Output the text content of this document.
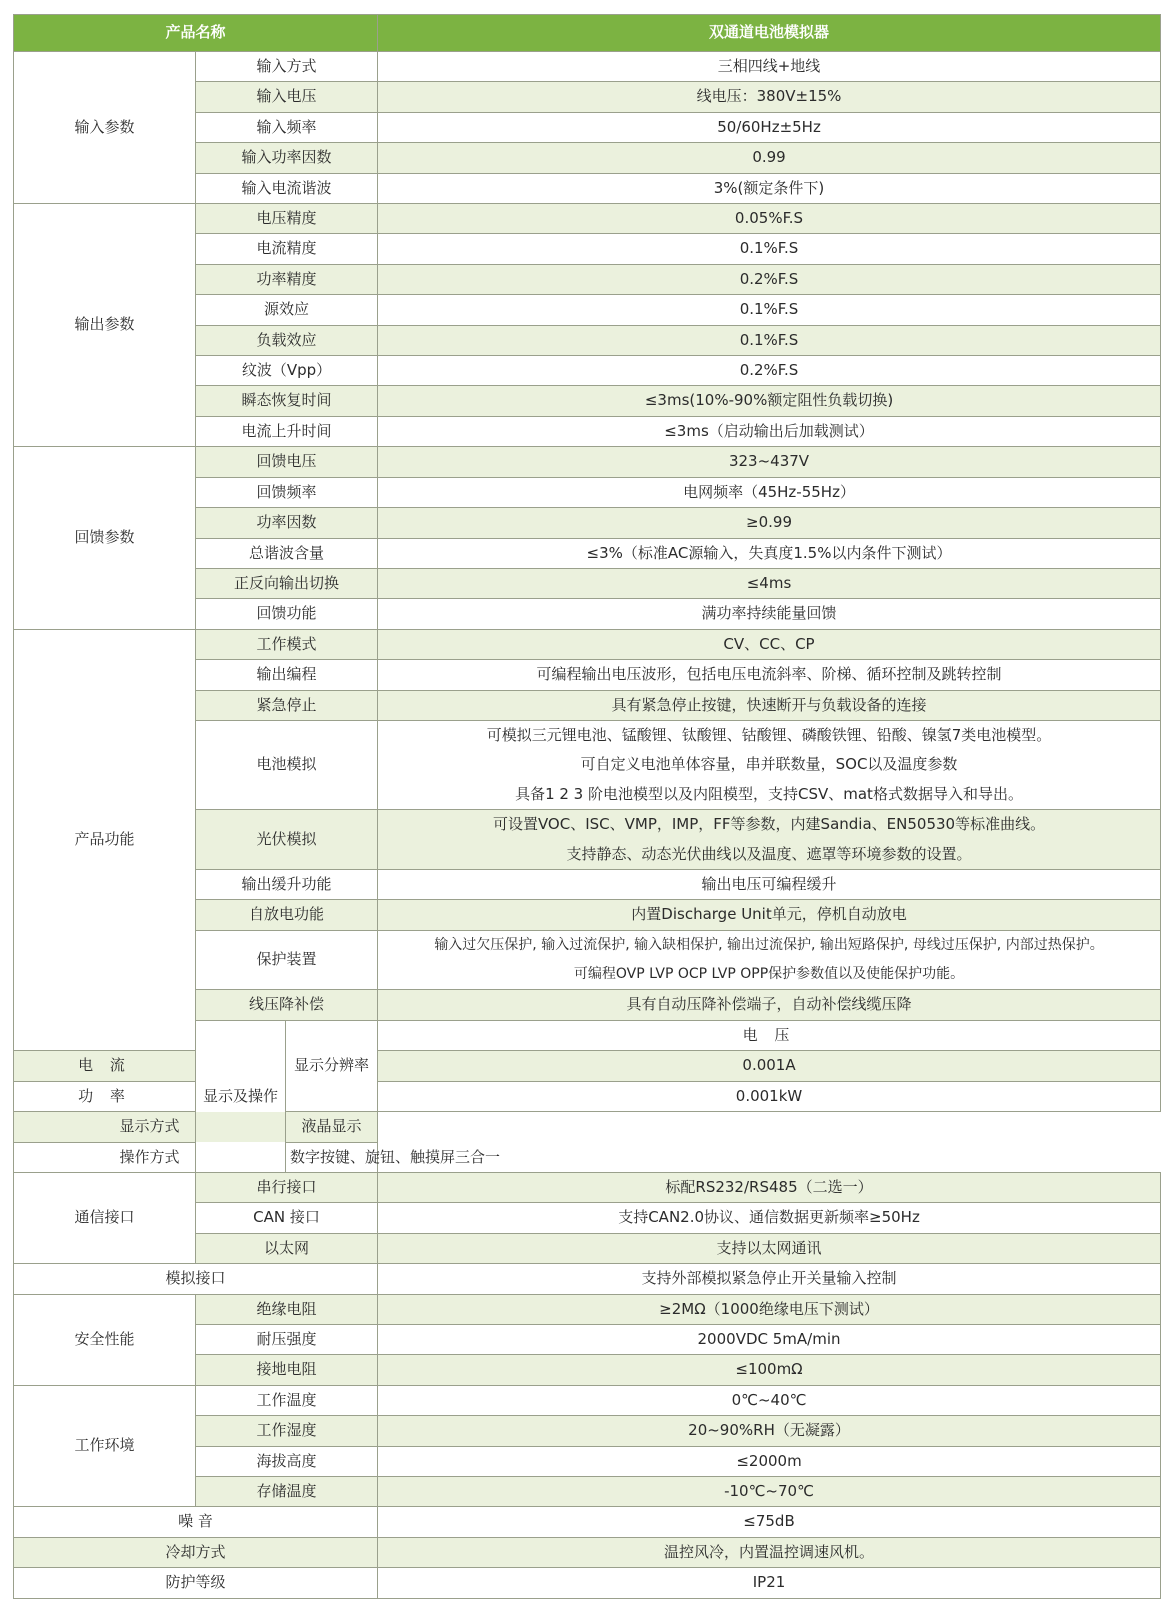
产品名称			双通道电池模拟器	
输入参数	输入方式		三相四线+地线	
	输入电压		线电压：380V±15%	
	输入频率		50/60Hz±5Hz	
	输入功率因数		0.99	
	输入电流谐波		3%(额定条件下)	
输出参数	电压精度		0.05%F.S	
	电流精度		0.1%F.S	
	功率精度		0.2%F.S	
	源效应		0.1%F.S	
	负载效应		0.1%F.S	
	纹波（Vpp）		0.2%F.S	
	瞬态恢复时间		≤3ms(10%-90%额定阻性负载切换)	
	电流上升时间		≤3ms（启动输出后加载测试）	
回馈参数	回馈电压		323~437V	
	回馈频率		电网频率（45Hz-55Hz）	
	功率因数		≥0.99	
	总谐波含量		≤3%（标准AC源输入，失真度1.5%以内条件下测试）	
	正反向输出切换		≤4ms	
	回馈功能		满功率持续能量回馈	
产品功能	工作模式		CV、CC、CP	
	输出编程		可编程输出电压波形，包括电压电流斜率、阶梯、循环控制及跳转控制	
	紧急停止		具有紧急停止按键，快速断开与负载设备的连接	
	电池模拟		可模拟三元锂电池、锰酸锂、钛酸锂、钴酸锂、磷酸铁锂、铅酸、镍氢7类电池模型。
可自定义电池单体容量，串并联数量，SOC以及温度参数
具备1 2 3 阶电池模型以及内阻模型，支持CSV、mat格式数据导入和导出。	

	光伏模拟		可设置VOC、ISC、VMP，IMP，FF等参数，内建Sandia、EN50530等标准曲线。
支持静态、动态光伏曲线以及温度、遮罩等环境参数的设置。	

	输出缓升功能		输出电压可编程缓升	
	自放电功能		内置Discharge Unit单元，停机自动放电	
	保护装置		输入过欠压保护, 输入过流保护, 输入缺相保护, 输出过流保护, 输出短路保护, 母线过压保护, 内部过热保护。
可编程OVP LVP OCP LVP OPP保护参数值以及使能保护功能。	

	线压降补偿		具有自动压降补偿端子，自动补偿线缆压降	
	显示及操作	显示分辨率	电 压	
电 流			0.001A	
功 率			0.001kW	
显示方式		液晶显示		
操作方式		数字按键、旋钮、触摸屏三合一		
通信接口	串行接口		标配RS232/RS485（二选一）	
	CAN 接口		支持CAN2.0协议、通信数据更新频率≥50Hz	
	以太网		支持以太网通讯	
模拟接口			支持外部模拟紧急停止开关量输入控制	
安全性能	绝缘电阻		≥2MΩ（1000绝缘电压下测试）	
	耐压强度		2000VDC 5mA/min	
	接地电阻		≤100mΩ	
工作环境	工作温度		0℃~40℃	
	工作湿度		20~90%RH（无凝露）	
	海拔高度		≤2000m	
	存储温度		-10℃~70℃	
噪 音			≤75dB	
冷却方式			温控风冷，内置温控调速风机。	
防护等级			IP21	
